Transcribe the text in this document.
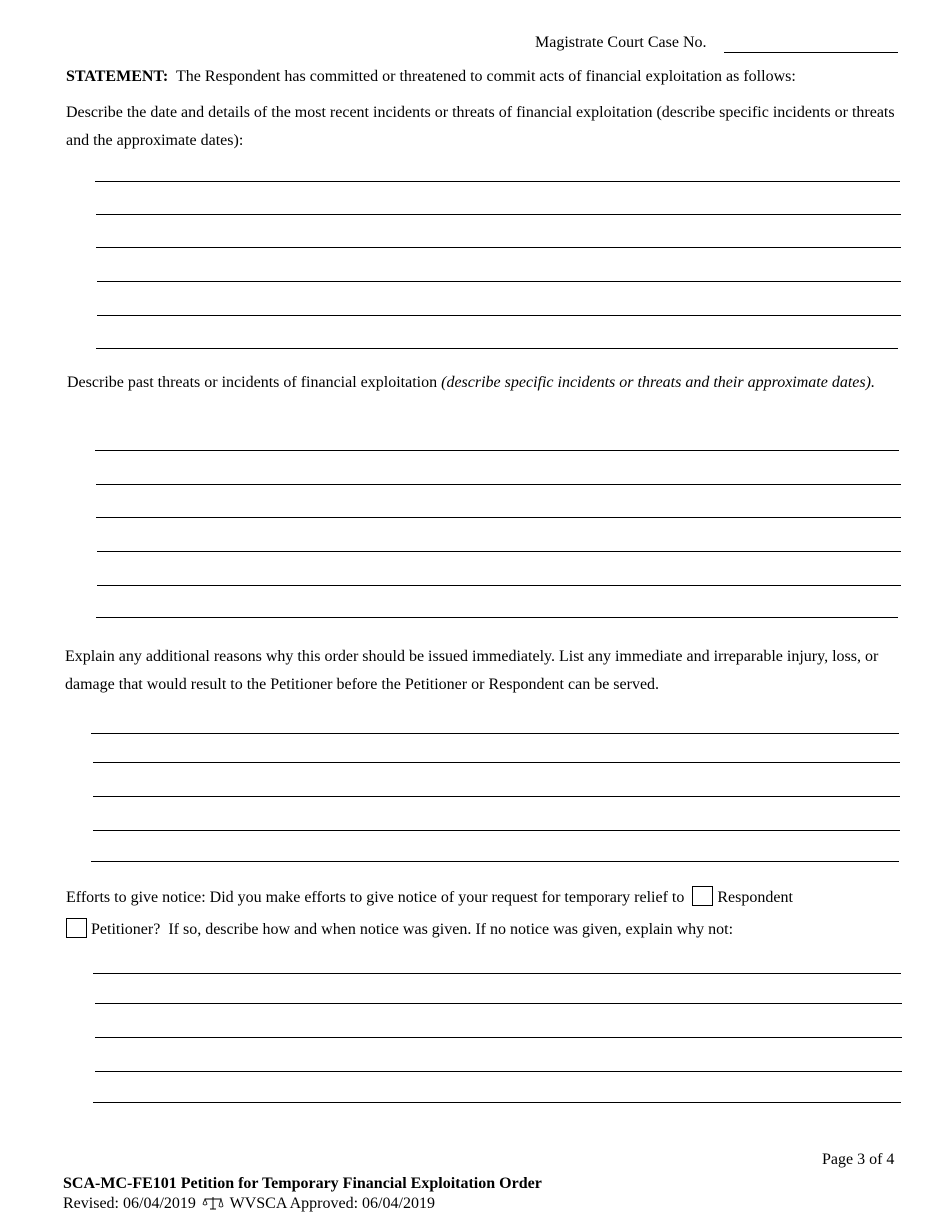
Magistrate Court Case No.
STATEMENT: The Respondent has committed or threatened to commit acts of financial exploitation as follows:
Describe the date and details of the most recent incidents or threats of financial exploitation (describe specific incidents or threats and the approximate dates):
Describe past threats or incidents of financial exploitation (describe specific incidents or threats and their approximate dates).
Explain any additional reasons why this order should be issued immediately. List any immediate and irreparable injury, loss, or damage that would result to the Petitioner before the Petitioner or Respondent can be served.
Efforts to give notice: Did you make efforts to give notice of your request for temporary relief to Respondent
Petitioner? If so, describe how and when notice was given. If no notice was given, explain why not:
Page 3 of 4
SCA-MC-FE101 Petition for Temporary Financial Exploitation Order
Revised: 06/04/2019 WVSCA Approved: 06/04/2019
